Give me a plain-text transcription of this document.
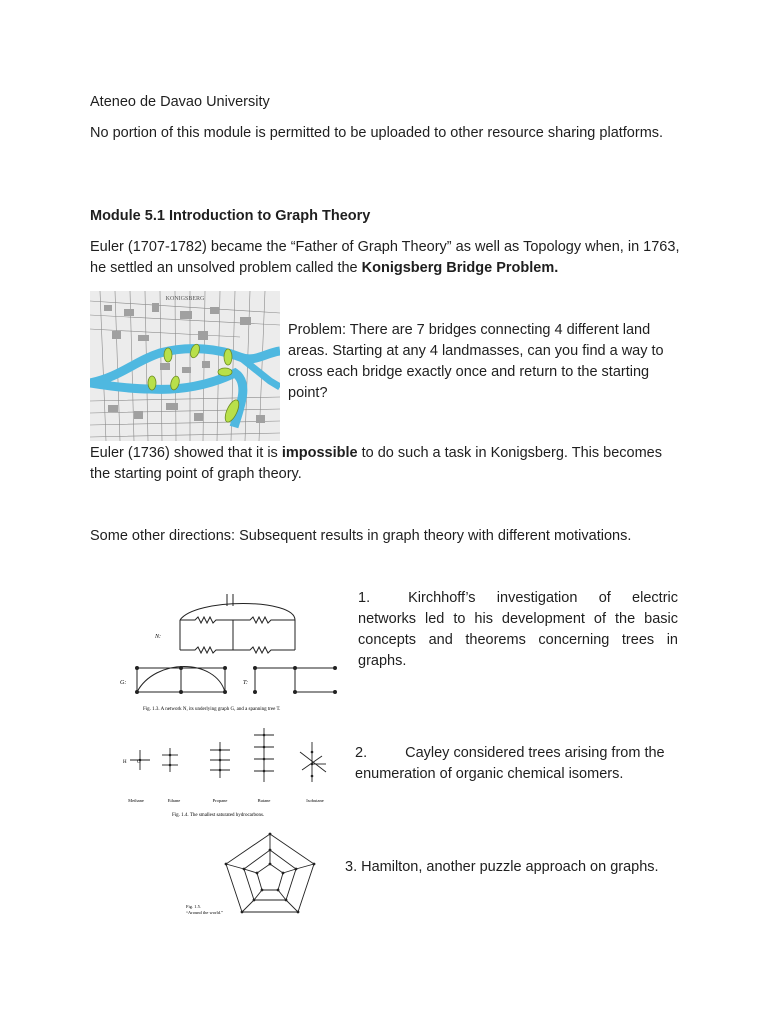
Ateneo de Davao University

No portion of this module is permitted to be uploaded to other resource sharing platforms.

Module 5.1 Introduction to Graph Theory

Euler (1707-1782) became the “Father of Graph Theory” as well as Topology when, in 1763, he settled an unsolved problem called the Konigsberg Bridge Problem.

KONIGSBERG

Problem: There are 7 bridges connecting 4 different land areas. Starting at any 4 landmasses, can you find a way to cross each bridge exactly once and return to the starting point?

Euler (1736) showed that it is impossible to do such a task in Konigsberg. This becomes the starting point of graph theory.

Some other directions: Subsequent results in graph theory with different motivations.

N:
G:	T:
Fig. 1.3. A network N, its underlying graph G, and a spanning tree T.

1.	Kirchhoff’s investigation of electric networks led to his development of the basic concepts and theorems concerning trees in graphs.

C
H
Methane	Ethane	Propane	Butane	Isobutane
Fig. 1.4. The smallest saturated hydrocarbons.

2.	Cayley considered trees arising from the enumeration of organic chemical isomers.

Fig. 1.5.
“Around the world.”

3. Hamilton, another puzzle approach on graphs.
